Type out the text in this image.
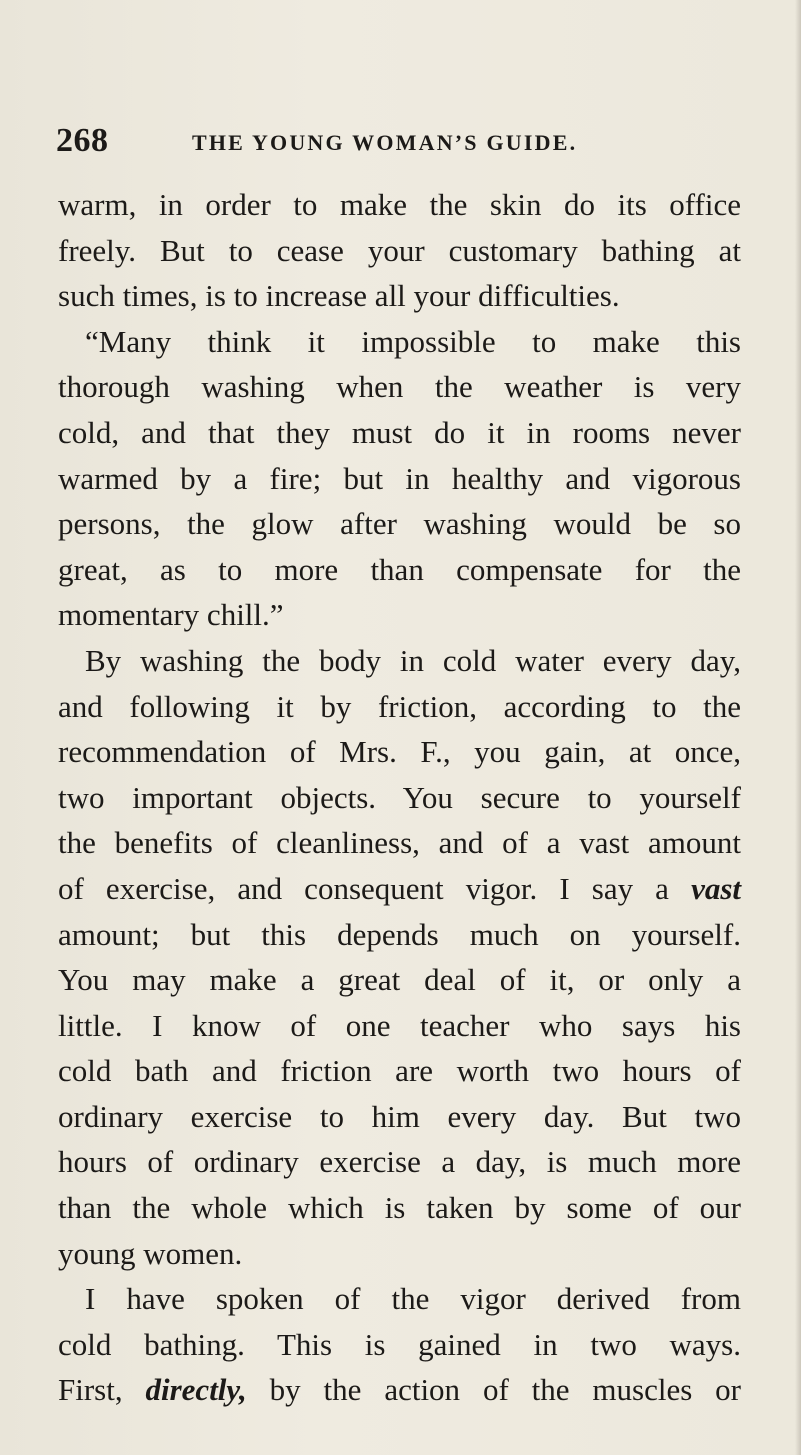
268	THE YOUNG WOMAN’S GUIDE.
warm, in order to make the skin do its office
freely. But to cease your customary bathing at
such times, is to increase all your difficulties.
“Many think it impossible to make this
thorough washing when the weather is very
cold, and that they must do it in rooms never
warmed by a fire; but in healthy and vigorous
persons, the glow after washing would be so
great, as to more than compensate for the
momentary chill.”
By washing the body in cold water every day,
and following it by friction, according to the
recommendation of Mrs. F., you gain, at once,
two important objects. You secure to yourself
the benefits of cleanliness, and of a vast amount
of exercise, and consequent vigor. I say a vast
amount; but this depends much on yourself.
You may make a great deal of it, or only a
little. I know of one teacher who says his
cold bath and friction are worth two hours of
ordinary exercise to him every day. But two
hours of ordinary exercise a day, is much more
than the whole which is taken by some of our
young women.
I have spoken of the vigor derived from
cold bathing. This is gained in two ways.
First, directly, by the action of the muscles or
